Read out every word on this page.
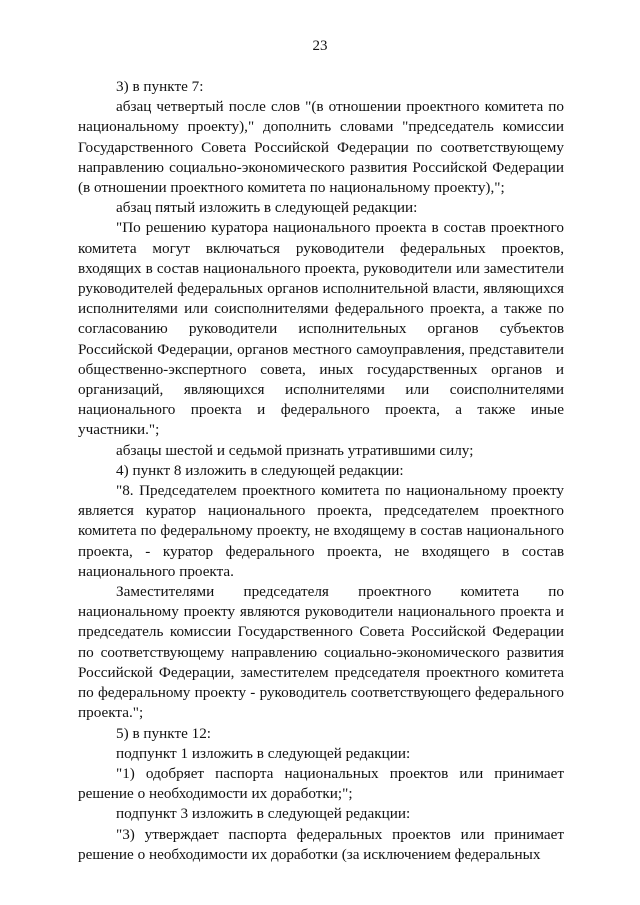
23

3) в пункте 7:

абзац четвертый после слов "(в отношении проектного комитета по национальному проекту)," дополнить словами "председатель комиссии Государственного Совета Российской Федерации по соответствующему направлению социально-экономического развития Российской Федерации (в отношении проектного комитета по национальному проекту),";

абзац пятый изложить в следующей редакции:

"По решению куратора национального проекта в состав проектного комитета могут включаться руководители федеральных проектов, входящих в состав национального проекта, руководители или заместители руководителей федеральных органов исполнительной власти, являющихся исполнителями или соисполнителями федерального проекта, а также по согласованию руководители исполнительных органов субъектов Российской Федерации, органов местного самоуправления, представители общественно-экспертного совета, иных государственных органов и организаций, являющихся исполнителями или соисполнителями национального проекта и федерального проекта, а также иные участники.";

абзацы шестой и седьмой признать утратившими силу;

4) пункт 8 изложить в следующей редакции:

"8. Председателем проектного комитета по национальному проекту является куратор национального проекта, председателем проектного комитета по федеральному проекту, не входящему в состав национального проекта, - куратор федерального проекта, не входящего в состав национального проекта.

Заместителями председателя проектного комитета по национальному проекту являются руководители национального проекта и председатель комиссии Государственного Совета Российской Федерации по соответствующему направлению социально-экономического развития Российской Федерации, заместителем председателя проектного комитета по федеральному проекту - руководитель соответствующего федерального проекта.";

5) в пункте 12:

подпункт 1 изложить в следующей редакции:

"1) одобряет паспорта национальных проектов или принимает решение о необходимости их доработки;";

подпункт 3 изложить в следующей редакции:

"3) утверждает паспорта федеральных проектов или принимает решение о необходимости их доработки (за исключением федеральных
